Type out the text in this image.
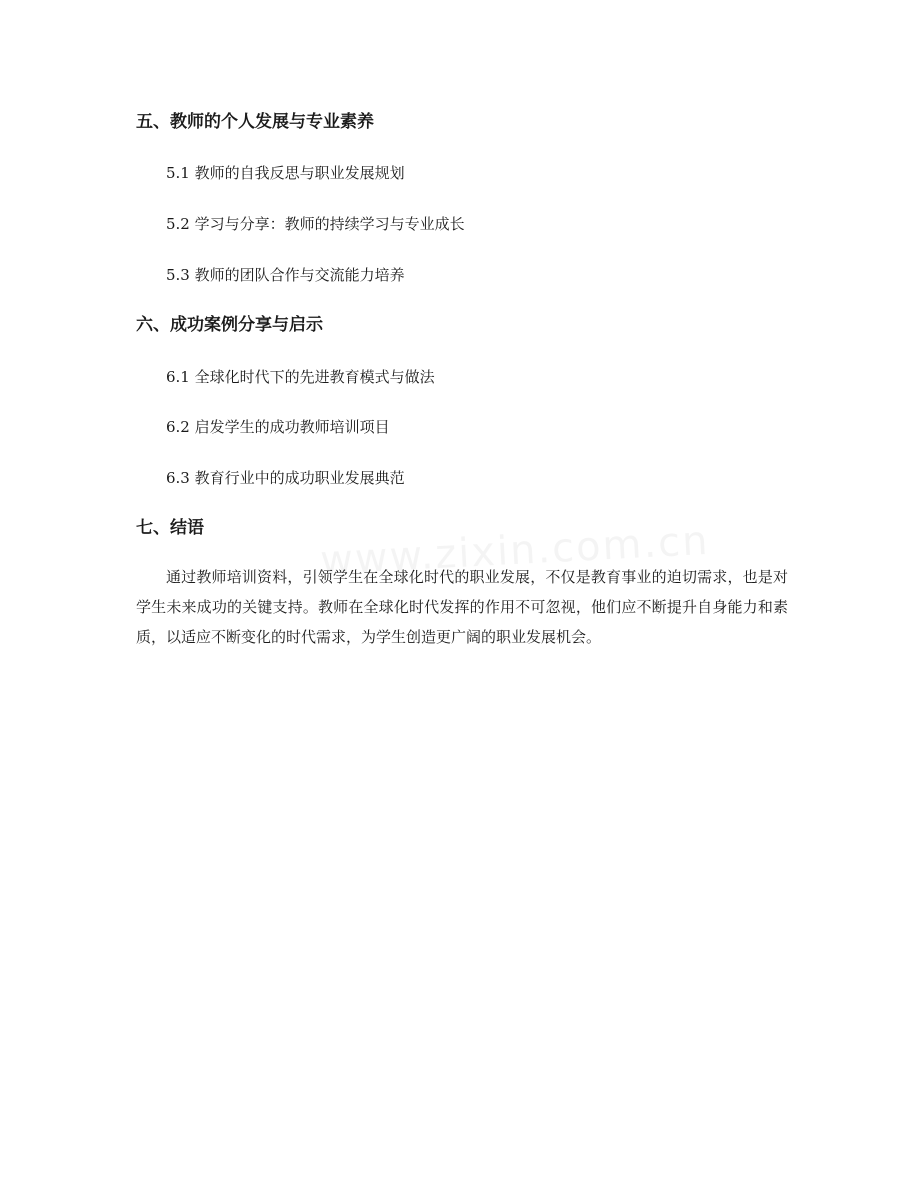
五、教师的个人发展与专业素养
5.1 教师的自我反思与职业发展规划
5.2 学习与分享：教师的持续学习与专业成长
5.3 教师的团队合作与交流能力培养
六、成功案例分享与启示
6.1 全球化时代下的先进教育模式与做法
6.2 启发学生的成功教师培训项目
6.3 教育行业中的成功职业发展典范
七、结语

通过教师培训资料，引领学生在全球化时代的职业发展，不仅是教育事业的迫切需求，也是对学生未来成功的关键支持。教师在全球化时代发挥的作用不可忽视，他们应不断提升自身能力和素质，以适应不断变化的时代需求，为学生创造更广阔的职业发展机会。
